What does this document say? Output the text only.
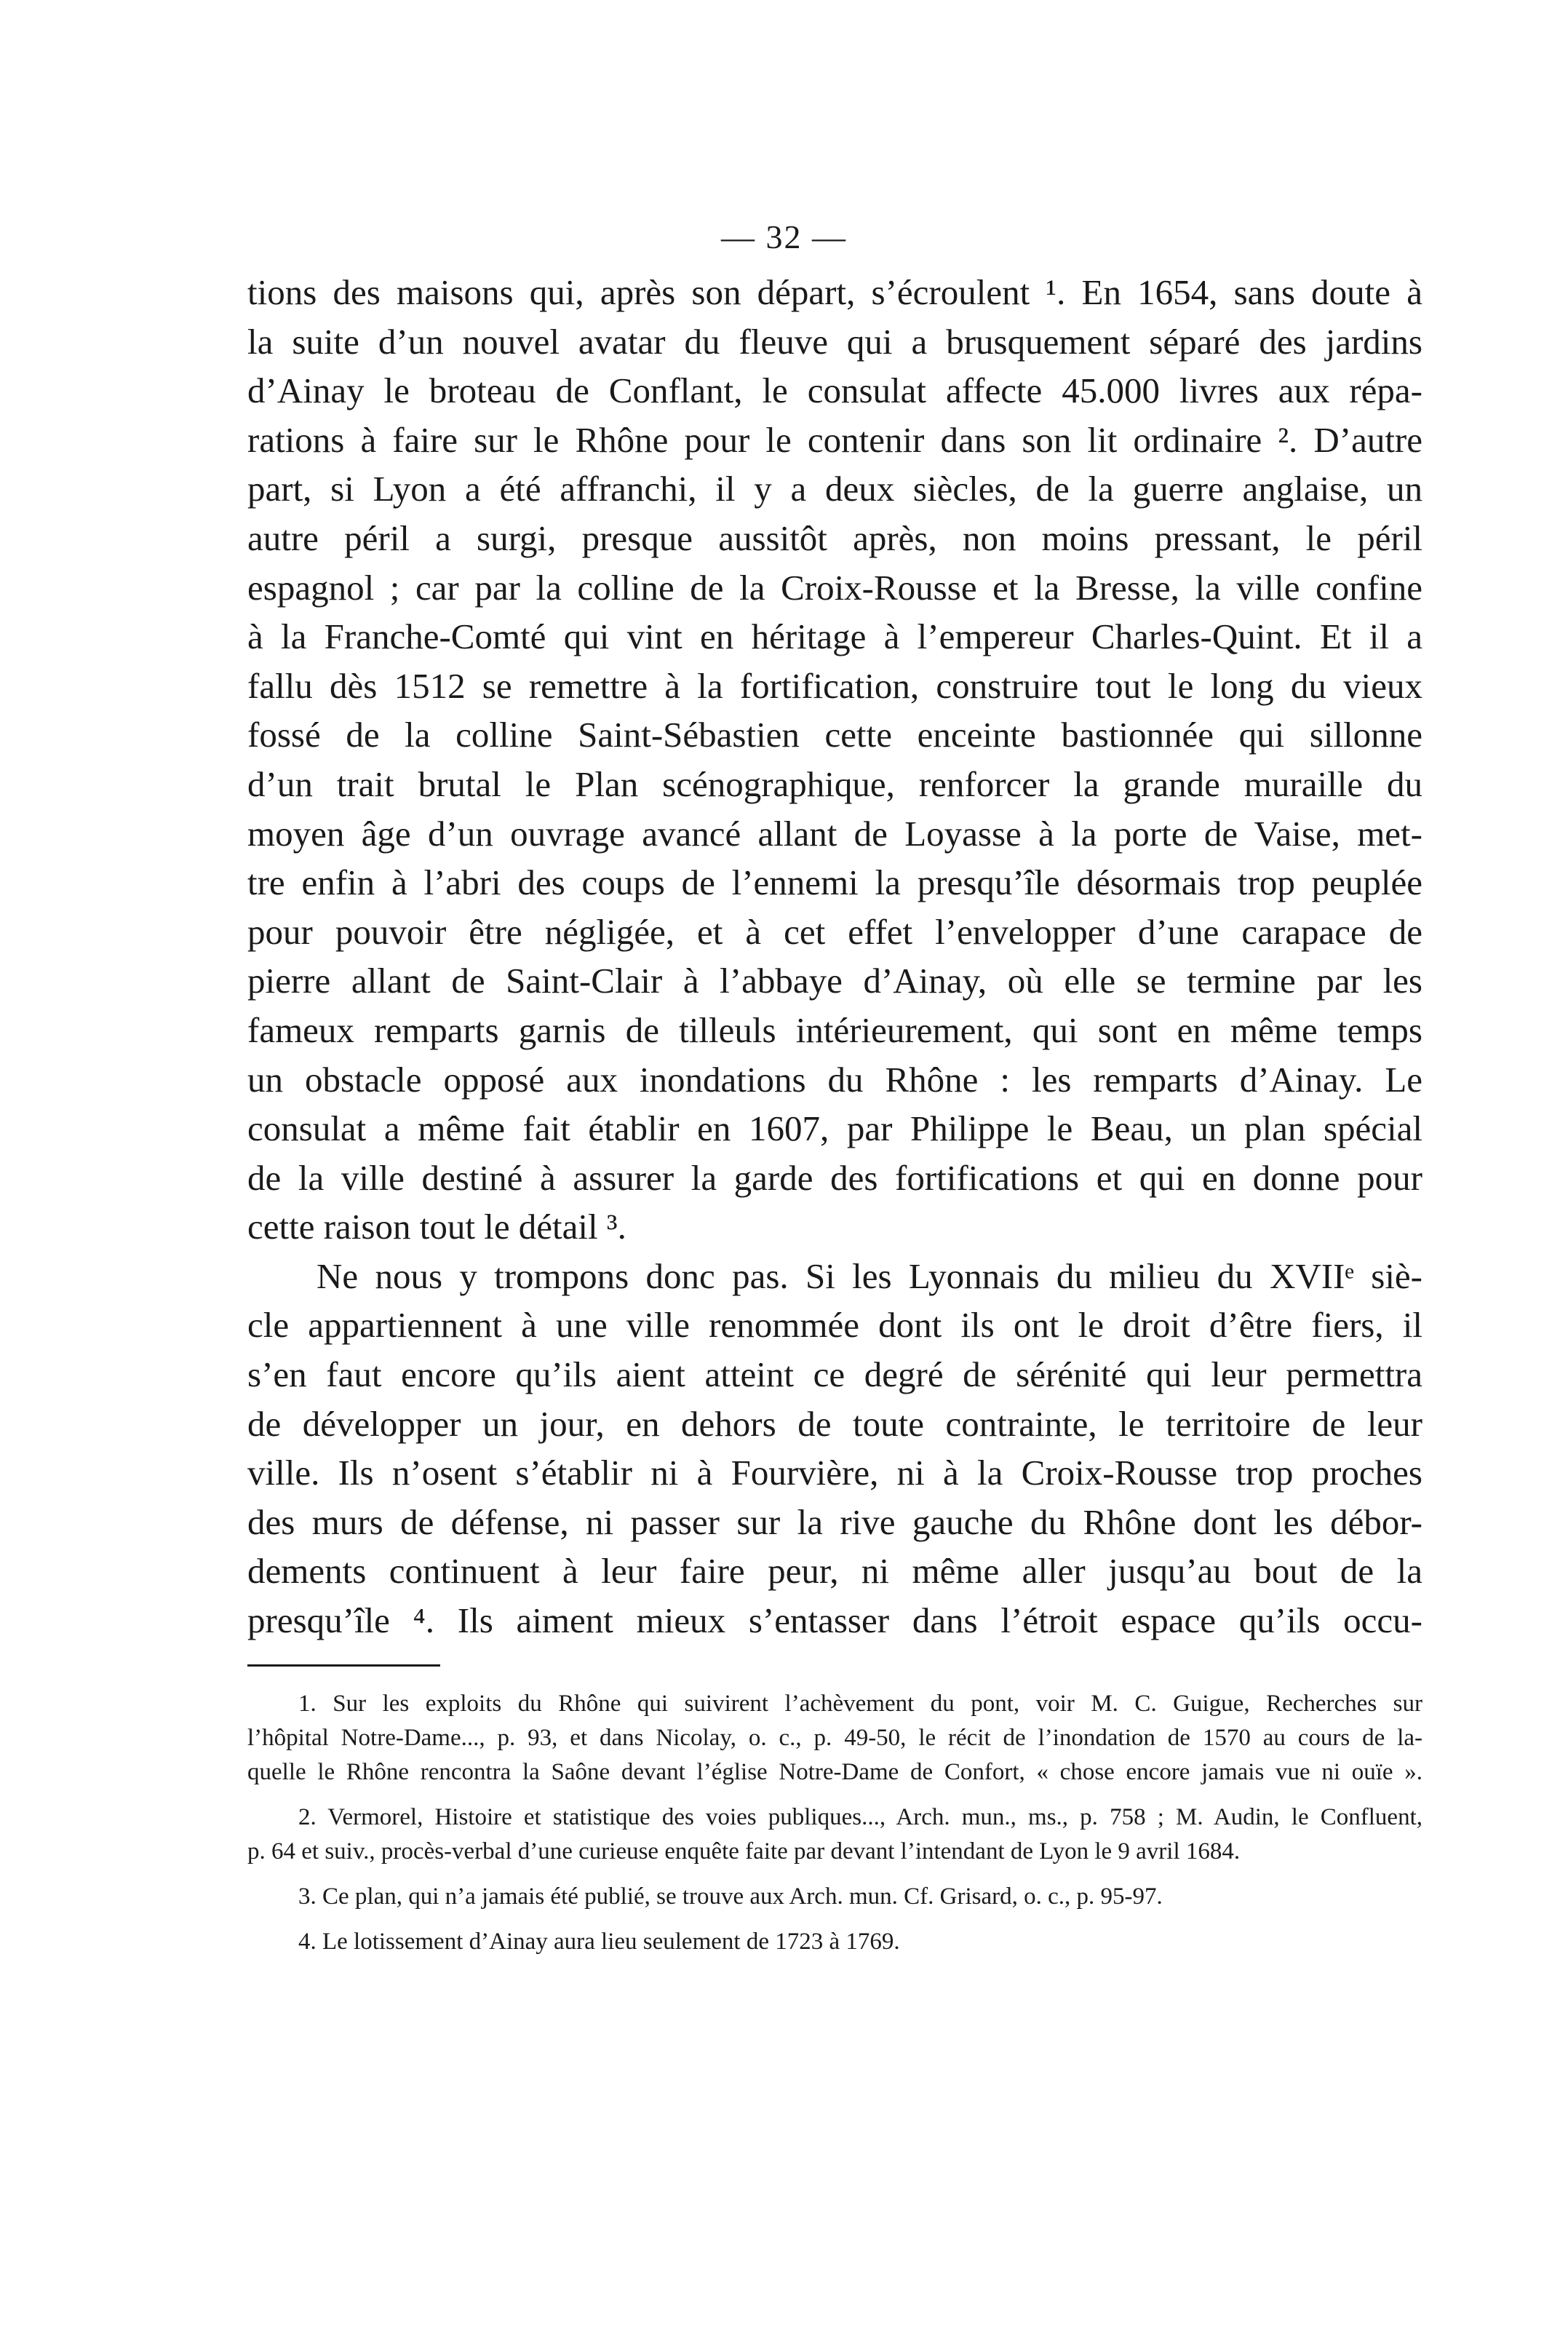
— 32 —

tions des maisons qui, après son départ, s’écroulent ¹. En 1654, sans doute à
la suite d’un nouvel avatar du fleuve qui a brusquement séparé des jardins
d’Ainay le broteau de Conflant, le consulat affecte 45.000 livres aux répa-
rations à faire sur le Rhône pour le contenir dans son lit ordinaire ². D’autre
part, si Lyon a été affranchi, il y a deux siècles, de la guerre anglaise, un
autre péril a surgi, presque aussitôt après, non moins pressant, le péril
espagnol ; car par la colline de la Croix-Rousse et la Bresse, la ville confine
à la Franche-Comté qui vint en héritage à l’empereur Charles-Quint. Et il a
fallu dès 1512 se remettre à la fortification, construire tout le long du vieux
fossé de la colline Saint-Sébastien cette enceinte bastionnée qui sillonne
d’un trait brutal le Plan scénographique, renforcer la grande muraille du
moyen âge d’un ouvrage avancé allant de Loyasse à la porte de Vaise, met-
tre enfin à l’abri des coups de l’ennemi la presqu’île désormais trop peuplée
pour pouvoir être négligée, et à cet effet l’envelopper d’une carapace de
pierre allant de Saint-Clair à l’abbaye d’Ainay, où elle se termine par les
fameux remparts garnis de tilleuls intérieurement, qui sont en même temps
un obstacle opposé aux inondations du Rhône : les remparts d’Ainay. Le
consulat a même fait établir en 1607, par Philippe le Beau, un plan spécial
de la ville destiné à assurer la garde des fortifications et qui en donne pour
cette raison tout le détail ³.

Ne nous y trompons donc pas. Si les Lyonnais du milieu du XVIIᵉ siè-
cle appartiennent à une ville renommée dont ils ont le droit d’être fiers, il
s’en faut encore qu’ils aient atteint ce degré de sérénité qui leur permettra
de développer un jour, en dehors de toute contrainte, le territoire de leur
ville. Ils n’osent s’établir ni à Fourvière, ni à la Croix-Rousse trop proches
des murs de défense, ni passer sur la rive gauche du Rhône dont les débor-
dements continuent à leur faire peur, ni même aller jusqu’au bout de la
presqu’île ⁴. Ils aiment mieux s’entasser dans l’étroit espace qu’ils occu-

1. Sur les exploits du Rhône qui suivirent l’achèvement du pont, voir M. C. Guigue, Recherches sur
l’hôpital Notre-Dame..., p. 93, et dans Nicolay, o. c., p. 49-50, le récit de l’inondation de 1570 au cours de la-
quelle le Rhône rencontra la Saône devant l’église Notre-Dame de Confort, « chose encore jamais vue ni ouïe ».
2. Vermorel, Histoire et statistique des voies publiques..., Arch. mun., ms., p. 758 ; M. Audin, le Confluent,
p. 64 et suiv., procès-verbal d’une curieuse enquête faite par devant l’intendant de Lyon le 9 avril 1684.
3. Ce plan, qui n’a jamais été publié, se trouve aux Arch. mun. Cf. Grisard, o. c., p. 95-97.
4. Le lotissement d’Ainay aura lieu seulement de 1723 à 1769.
